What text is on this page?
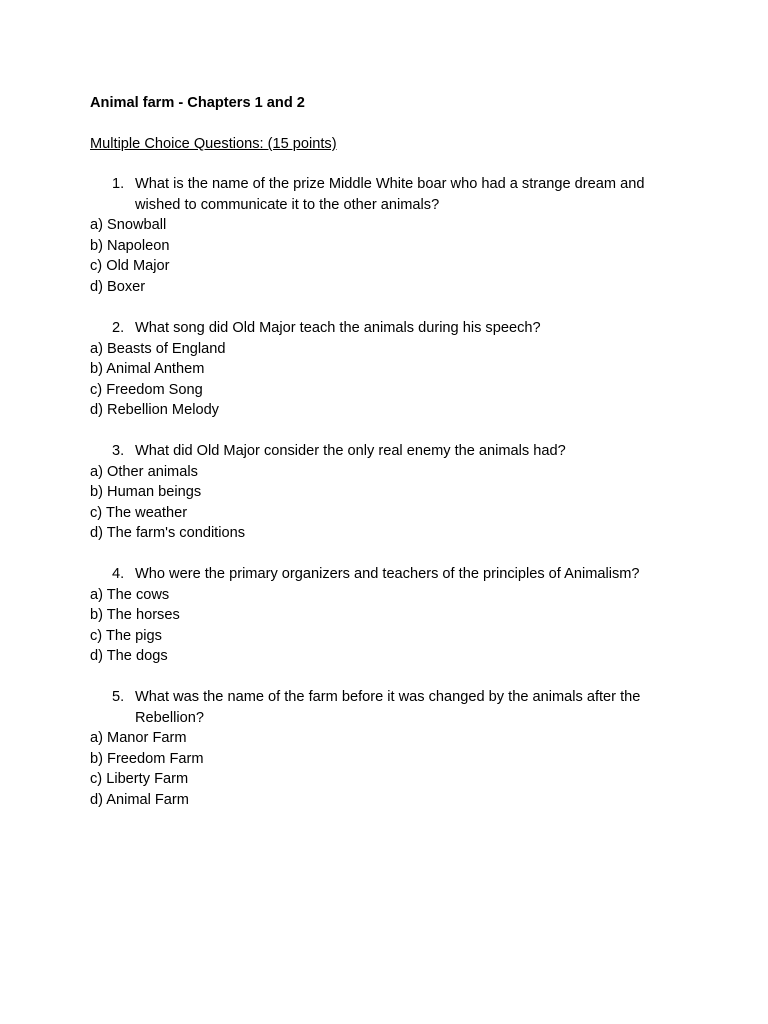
Animal farm - Chapters 1 and 2
Multiple Choice Questions: (15 points)
1. What is the name of the prize Middle White boar who had a strange dream and wished to communicate it to the other animals?
a) Snowball
b) Napoleon
c) Old Major
d) Boxer
2. What song did Old Major teach the animals during his speech?
a) Beasts of England
b) Animal Anthem
c) Freedom Song
d) Rebellion Melody
3. What did Old Major consider the only real enemy the animals had?
a) Other animals
b) Human beings
c) The weather
d) The farm's conditions
4. Who were the primary organizers and teachers of the principles of Animalism?
a) The cows
b) The horses
c) The pigs
d) The dogs
5. What was the name of the farm before it was changed by the animals after the Rebellion?
a) Manor Farm
b) Freedom Farm
c) Liberty Farm
d) Animal Farm
